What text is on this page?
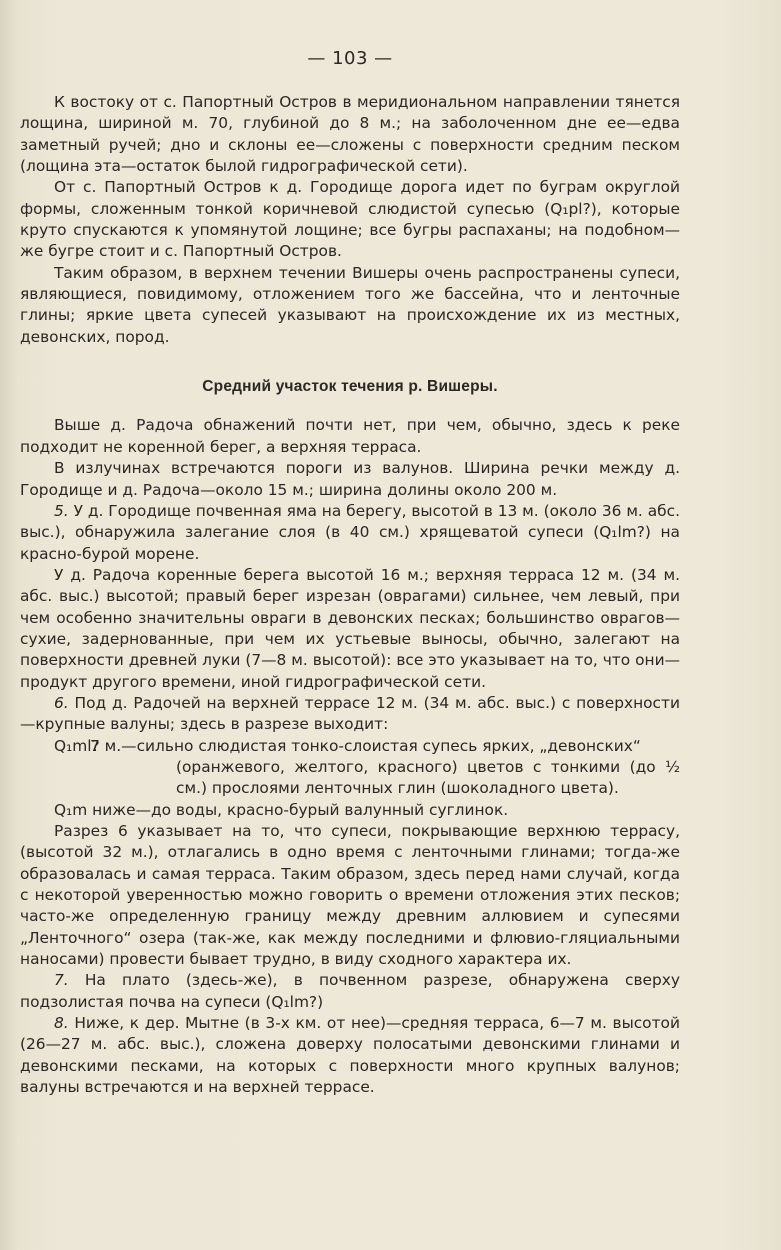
— 103 —

К востоку от с. Папортный Остров в меридиональном направлении тянется лощина, шириной м. 70, глубиной до 8 м.; на заболоченном дне ее—едва заметный ручей; дно и склоны ее—сложены с поверхности средним песком (лощина эта—остаток былой гидрографической сети).

От с. Папортный Остров к д. Городище дорога идет по буграм округлой формы, сложенным тонкой коричневой слюдистой супесью (Q₁pl?), которые круто спускаются к упомянутой лощине; все бугры распаханы; на подобном—же бугре стоит и с. Папортный Остров.

Таким образом, в верхнем течении Вишеры очень распространены супеси, являющиеся, повидимому, отложением того же бассейна, что и ленточные глины; яркие цвета супесей указывают на происхождение их из местных, девонских, пород.

Средний участок течения р. Вишеры.

Выше д. Радоча обнажений почти нет, при чем, обычно, здесь к реке подходит не коренной берег, а верхняя терраса.

В излучинах встречаются пороги из валунов. Ширина речки между д. Городище и д. Радоча—около 15 м.; ширина долины около 200 м.

5. У д. Городище почвенная яма на берегу, высотой в 13 м. (около 36 м. абс. выс.), обнаружила залегание слоя (в 40 см.) хрящеватой супеси (Q₁lm?) на красно-бурой морене.

У д. Радоча коренные берега высотой 16 м.; верхняя терраса 12 м. (34 м. абс. выс.) высотой; правый берег изрезан (оврагами) сильнее, чем левый, при чем особенно значительны овраги в девонских песках; большинство оврагов—сухие, задернованные, при чем их устьевые выносы, обычно, залегают на поверхности древней луки (7—8 м. высотой): все это указывает на то, что они—продукт другого времени, иной гидрографической сети.

6. Под д. Радочей на верхней террасе 12 м. (34 м. абс. выс.) с поверхности—крупные валуны; здесь в разрезе выходит:

Q₁ml?
7 м.—сильно слюдистая тонко-слоистая супесь ярких, „девонских“
(оранжевого, желтого, красного) цветов с тонкими (до ½ см.) прослоями ленточных глин (шоколадного цвета).

Q₁m ниже—до воды, красно-бурый валунный суглинок.

Разрез 6 указывает на то, что супеси, покрывающие верхнюю террасу, (высотой 32 м.), отлагались в одно время с ленточными глинами; тогда-же образовалась и самая терраса. Таким образом, здесь перед нами случай, когда с некоторой уверенностью можно говорить о времени отложения этих песков; часто-же определенную границу между древним аллювием и супесями „Ленточного“ озера (так-же, как между последними и флювио-гляциальными наносами) провести бывает трудно, в виду сходного характера их.

7. На плато (здесь-же), в почвенном разрезе, обнаружена сверху подзолистая почва на супеси (Q₁lm?)

8. Ниже, к дер. Мытне (в 3-х км. от нее)—средняя терраса, 6—7 м. высотой (26—27 м. абс. выс.), сложена доверху полосатыми девонскими глинами и девонскими песками, на которых с поверхности много крупных валунов; валуны встречаются и на верхней террасе.
